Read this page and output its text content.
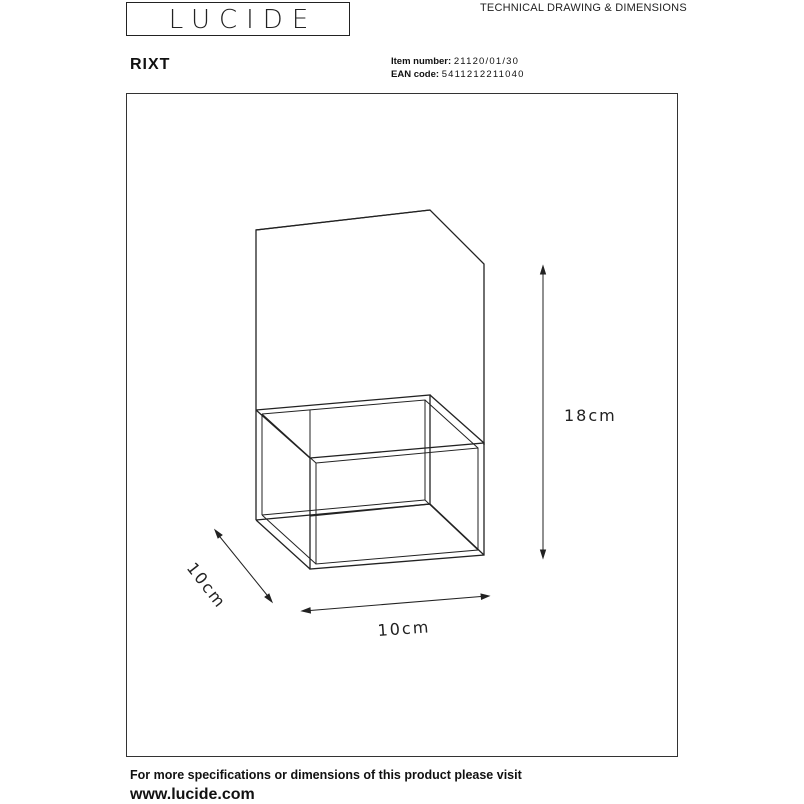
LUCIDE	TECHNICAL DRAWING & DIMENSIONS
RIXT	Item number: 21120/01/30
EAN code: 5411212211040
18cm
10cm
10cm
For more specifications or dimensions of this product please visit
www.lucide.com
